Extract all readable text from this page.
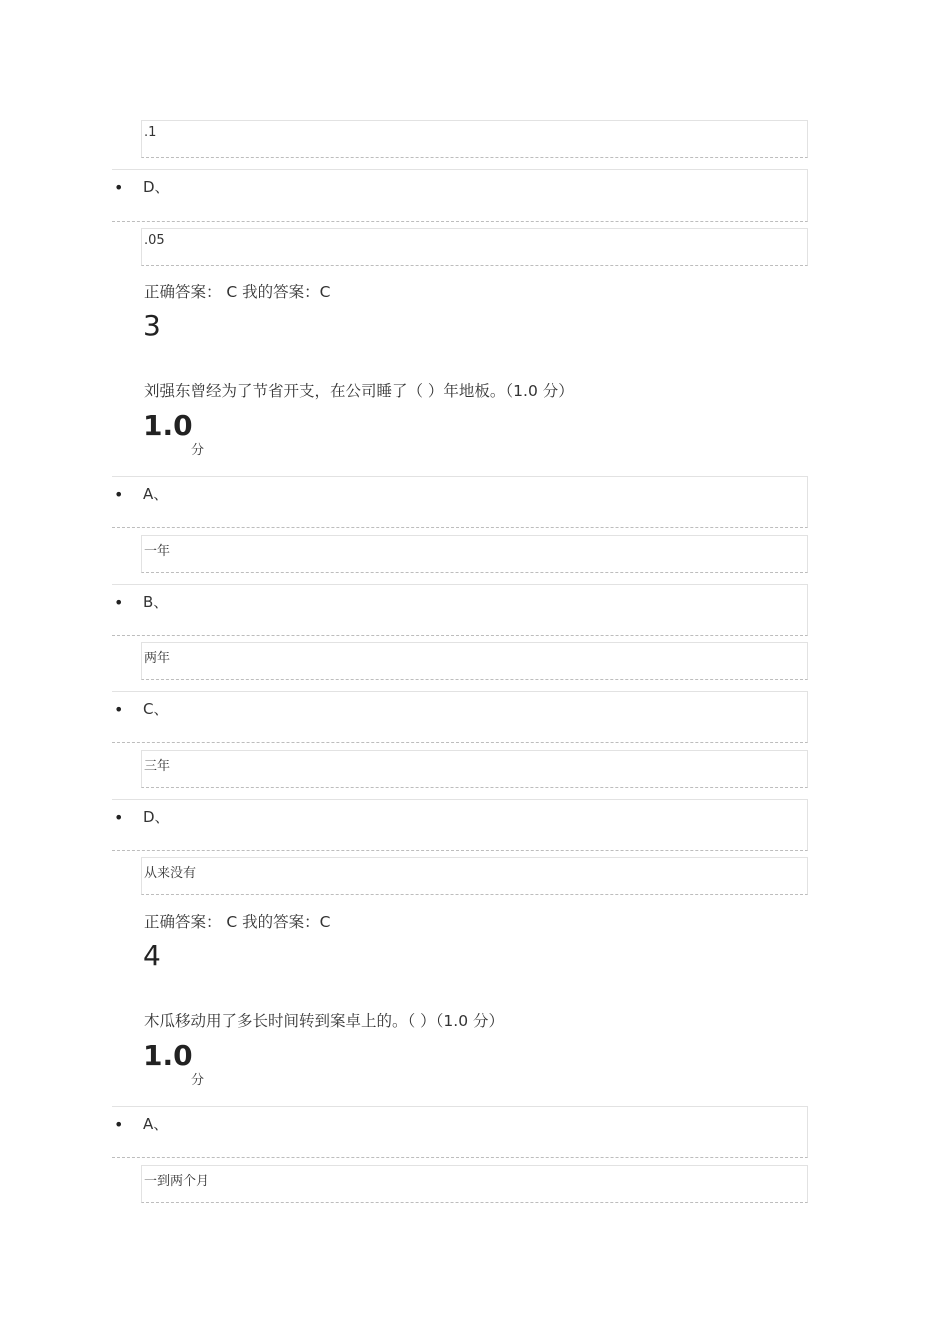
.1
• D、
.05
正确答案： C 我的答案：C
3
刘强东曾经为了节省开支，在公司睡了（ ）年地板。（1.0 分）
1.0
分
• A、
一年
• B、
两年
• C、
三年
• D、
从来没有
正确答案： C 我的答案：C
4
木瓜移动用了多长时间转到案卓上的。（ ）（1.0 分）
1.0
分
• A、
一到两个月
